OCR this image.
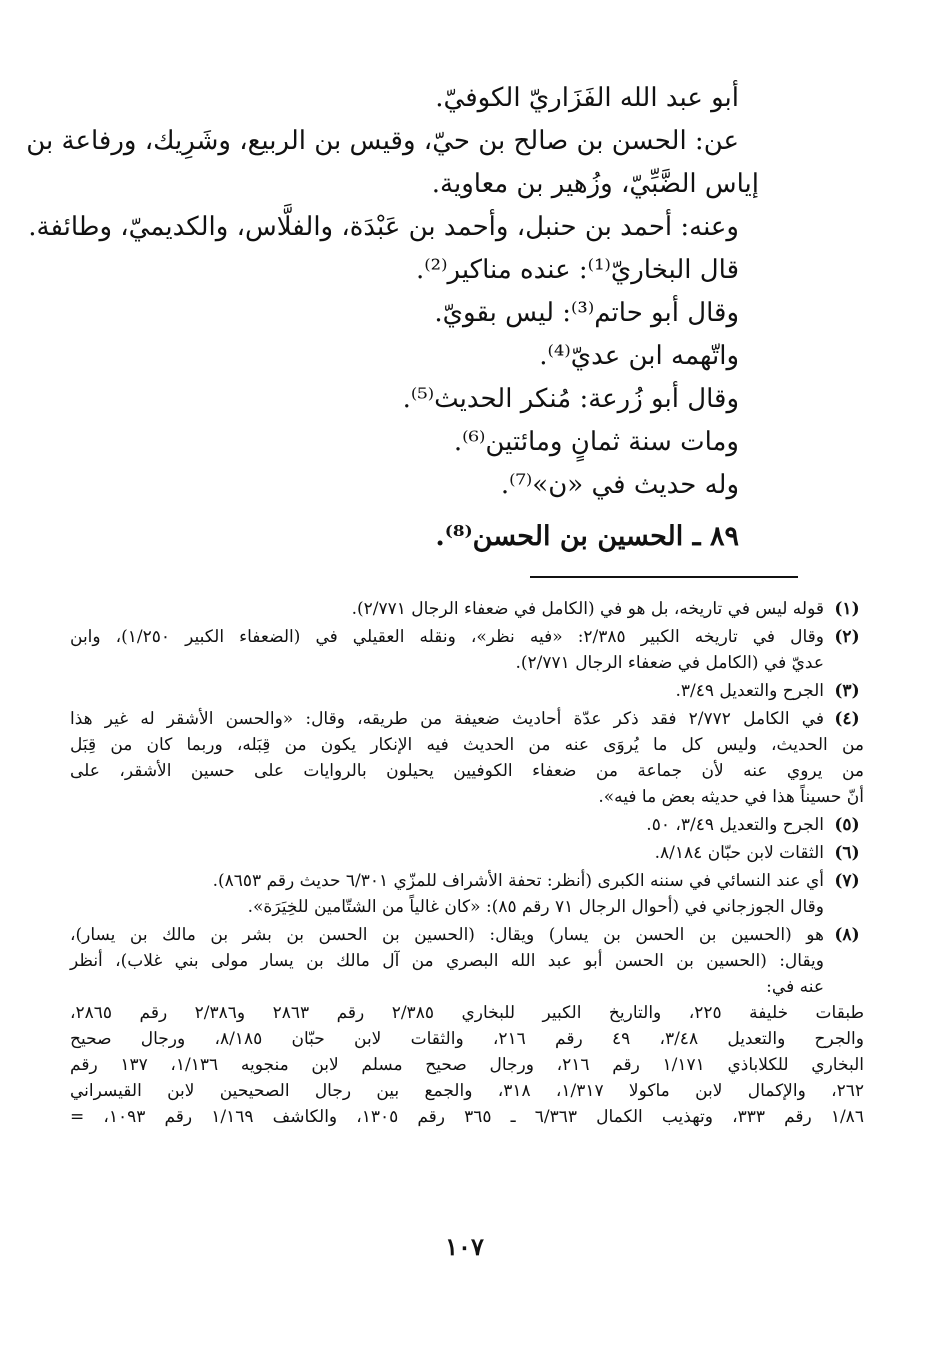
أبو عبد الله الفَزَاريّ الكوفيّ.
عن: الحسن بن صالح بن حيّ، وقيس بن الربيع، وشَرِيك، ورفاعة بن
إياس الضَّبِّيّ، وزُهير بن معاوية.
وعنه: أحمد بن حنبل، وأحمد بن عَبْدَة، والفلَّاس، والكديميّ، وطائفة.
قال البخاريّ⁽¹⁾: عنده مناكير⁽²⁾.
وقال أبو حاتم⁽³⁾: ليس بقويّ.
واتّهمه ابن عديّ⁽⁴⁾.
وقال أبو زُرعة: مُنكر الحديث⁽⁵⁾.
ومات سنة ثمانٍ ومائتين⁽⁶⁾.
وله حديث في «ن»⁽⁷⁾.
٨٩ ـ الحسين بن الحسن⁽⁸⁾.
(١)
قوله ليس في تاريخه، بل هو في (الكامل في ضعفاء الرجال ٢/٧٧١).
(٢)
وقال في تاريخه الكبير ٢/٣٨٥: «فيه نظر»، ونقله العقيلي في (الضعفاء الكبير ١/٢٥٠)، وابن
عديّ في (الكامل في ضعفاء الرجال ٢/٧٧١).
(٣)
الجرح والتعديل ٣/٤٩.
(٤)
في الكامل ٢/٧٧٢ فقد ذكر عدّة أحاديث ضعيفة من طريقه، وقال: «والحسن الأشقر له غير هذا
من الحديث، وليس كل ما يُروَى عنه من الحديث فيه الإنكار يكون من قِبَله، وربما كان من قِبَل
من يروي عنه لأن جماعة من ضعفاء الكوفيين يحيلون بالروايات على حسين الأشقر، على
أنّ حسيناً هذا في حديثه بعض ما فيه».
(٥)
الجرح والتعديل ٣/٤٩، ٥٠.
(٦)
الثقات لابن حبّان ٨/١٨٤.
(٧)
أي عند النسائي في سننه الكبرى (أنظر: تحفة الأشراف للمزّي ٦/٣٠١ حديث رقم ٨٦٥٣).
وقال الجوزجاني في (أحوال الرجال ٧١ رقم ٨٥): «كان غالياً من الشتّامين للخِيَرَة».
(٨)
هو (الحسين بن الحسن بن يسار) ويقال: (الحسين بن الحسن بن بشر بن مالك بن يسار)،
ويقال: (الحسين بن الحسن أبو عبد الله البصري من آل مالك بن يسار مولى بني غلاب)، أنظر
عنه في:
طبقات خليفة ٢٢٥، والتاريخ الكبير للبخاري ٢/٣٨٥ رقم ٢٨٦٣ و٢/٣٨٦ رقم ٢٨٦٥،
والجرح والتعديل ٣/٤٨، ٤٩ رقم ٢١٦، والثقات لابن حبّان ٨/١٨٥، ورجال صحيح
البخاري للكلاباذي ١/١٧١ رقم ٢١٦، ورجال صحيح مسلم لابن منجويه ١/١٣٦، ١٣٧ رقم
٢٦٢، والإكمال لابن ماكولا ١/٣١٧، ٣١٨، والجمع بين رجال الصحيحين لابن القيسراني
١/٨٦ رقم ٣٣٣، وتهذيب الكمال ٦/٣٦٣ ـ ٣٦٥ رقم ١٣٠٥، والكاشف ١/١٦٩ رقم ١٠٩٣، =
١٠٧
